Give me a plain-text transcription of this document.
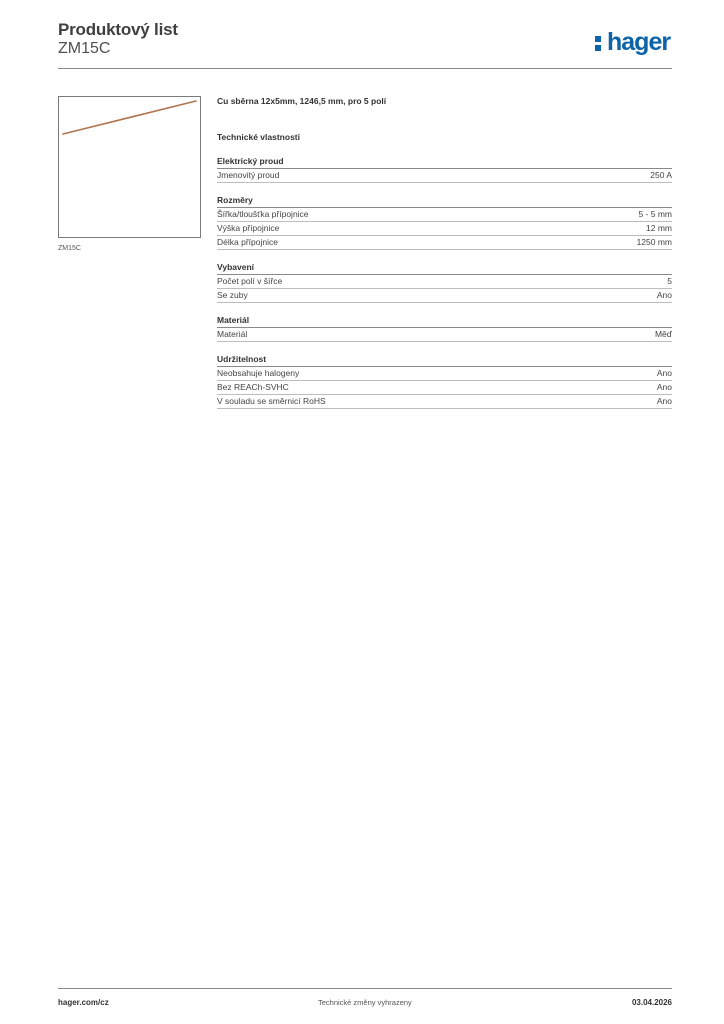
Produktový list
ZM15C	hager
ZM15C
Cu sběrna 12x5mm, 1246,5 mm, pro 5 polí
Technické vlastnosti
Elektrický proud
Jmenovitý proud	250 A
Rozměry
Šířka/tloušťka přípojnice	5 - 5 mm
Výška přípojnice	12 mm
Délka přípojnice	1250 mm
Vybavení
Počet polí v šířce	5
Se zuby	Ano
Materiál
Materiál	Měď
Udržitelnost
Neobsahuje halogeny	Ano
Bez REACh-SVHC	Ano
V souladu se směrnicí RoHS	Ano
hager.com/cz	Technické změny vyhrazeny	03.04.2026
